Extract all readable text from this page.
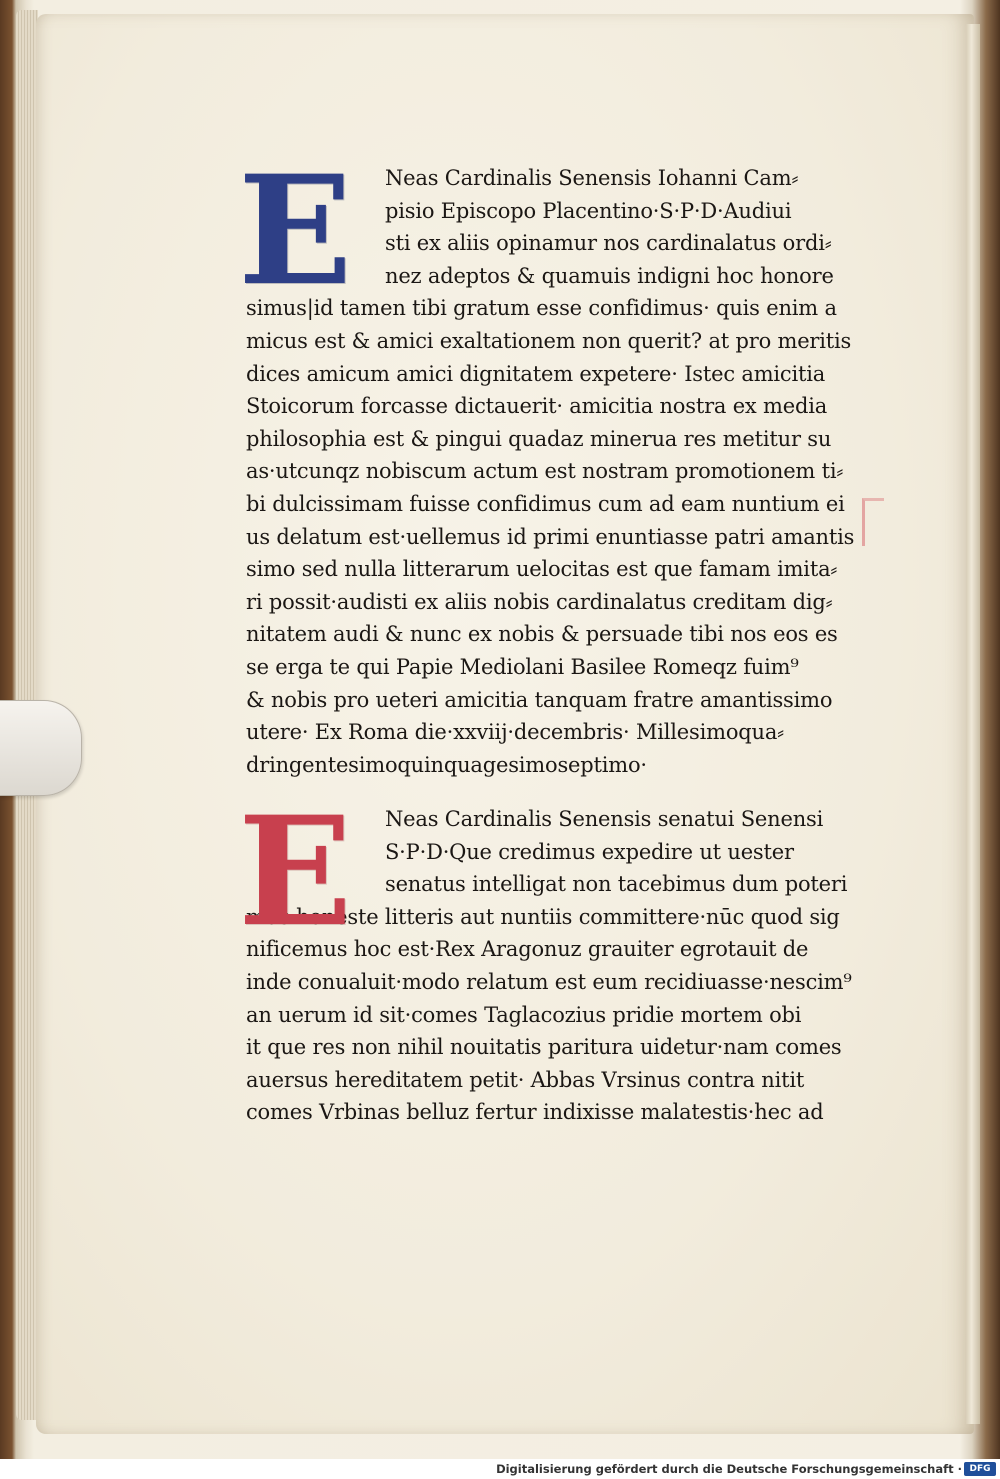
E	Neas Cardinalis Senensis Iohanni Cam⸗
pisio Episcopo Placentino·S·P·D·Audiui
sti ex aliis opinamur nos cardinalatus ordi⸗
nez adeptos & quamuis indigni hoc honore
simus|id tamen tibi gratum esse confidimus· quis enim a
micus est & amici exaltationem non querit? at pro meritis
dices amicum amici dignitatem expetere· Istec amicitia
Stoicorum forcasse dictauerit· amicitia nostra ex media
philosophia est & pingui quadaz minerua res metitur su
as·utcunqz nobiscum actum est nostram promotionem ti⸗
bi dulcissimam fuisse confidimus cum ad eam nuntium ei
us delatum est·uellemus id primi enuntiasse patri amantis
simo sed nulla litterarum uelocitas est que famam imita⸗
ri possit·audisti ex aliis nobis cardinalatus creditam dig⸗
nitatem audi & nunc ex nobis & persuade tibi nos eos es
se erga te qui Papie Mediolani Basilee Romeqz fuim⁹
& nobis pro ueteri amicitia tanquam fratre amantissimo
utere· Ex Roma die·xxviij·decembris· Millesimoqua⸗
dringentesimoquinquagesimoseptimo·
E	Neas Cardinalis Senensis senatui Senensi
S·P·D·Que credimus expedire ut uester
senatus intelligat non tacebimus dum poteri
mus honeste litteris aut nuntiis committere·nūc quod sig
nificemus hoc est·Rex Aragonuz grauiter egrotauit de
inde conualuit·modo relatum est eum recidiuasse·nescim⁹
an uerum id sit·comes Taglacozius pridie mortem obi
it que res non nihil nouitatis paritura uidetur·nam comes
auersus hereditatem petit· Abbas Vrsinus contra nitit
comes Vrbinas belluz fertur indixisse malatestis·hec ad
Digitalisierung gefördert durch die Deutsche Forschungsgemeinschaft · DFG
